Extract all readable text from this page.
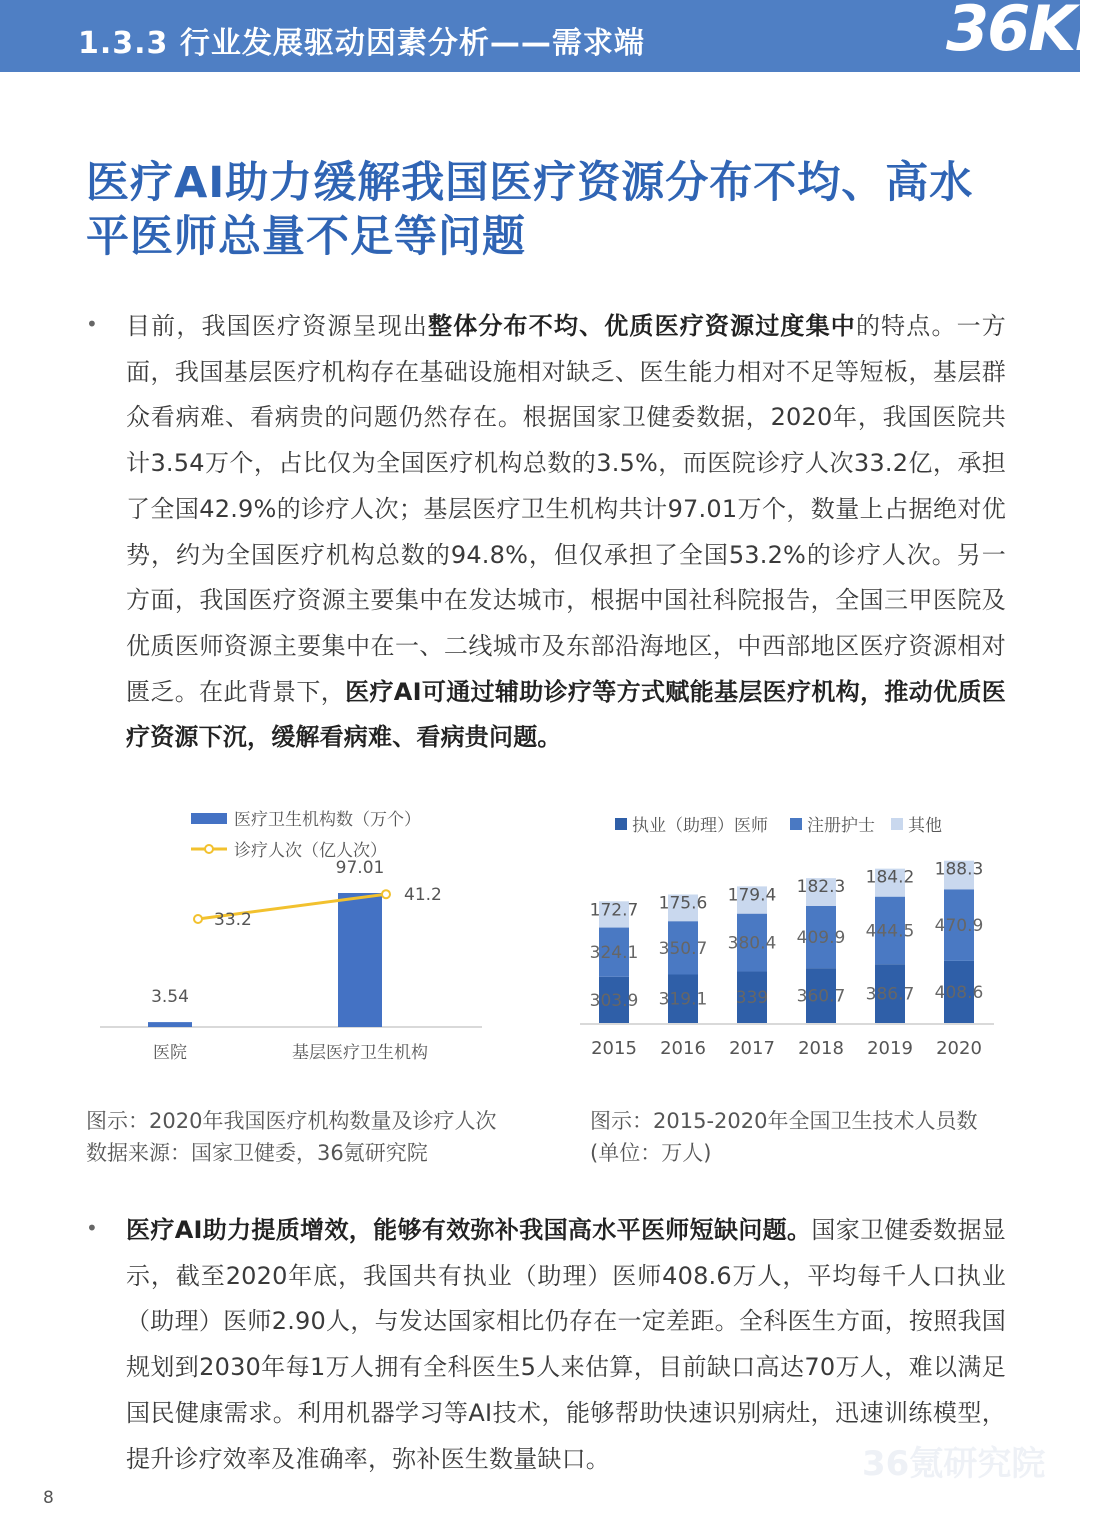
1.3.3 行业发展驱动因素分析——需求端	36Kr
医疗AI助力缓解我国医疗资源分布不均、高水
平医师总量不足等问题
• 目前，我国医疗资源呈现出整体分布不均、优质医疗资源过度集中的特点。一方面，我国基层医疗机构存在基础设施相对缺乏、医生能力相对不足等短板，基层群众看病难、看病贵的问题仍然存在。根据国家卫健委数据，2020年，我国医院共计3.54万个，占比仅为全国医疗机构总数的3.5%，而医院诊疗人次33.2亿，承担了全国42.9%的诊疗人次；基层医疗卫生机构共计97.01万个，数量上占据绝对优势，约为全国医疗机构总数的94.8%，但仅承担了全国53.2%的诊疗人次。另一方面，我国医疗资源主要集中在发达城市，根据中国社科院报告，全国三甲医院及优质医师资源主要集中在一、二线城市及东部沿海地区，中西部地区医疗资源相对匮乏。在此背景下，医疗AI可通过辅助诊疗等方式赋能基层医疗机构，推动优质医疗资源下沉，缓解看病难、看病贵问题。
医疗卫生机构数（万个）
诊疗人次（亿人次）
3.54
医院
97.01
基层医疗卫生机构
33.2
41.2
执业（助理）医师 注册护士 其他
303.9
324.1
172.7
2015
319.1
350.7
175.6
2016
339
380.4
179.4
2017
360.7
409.9
182.3
2018
386.7
444.5
184.2
2019
408.6
470.9
188.3
2020
图示：2020年我国医疗机构数量及诊疗人次
数据来源：国家卫健委，36氪研究院
图示：2015-2020年全国卫生技术人员数
(单位：万人)
• 医疗AI助力提质增效，能够有效弥补我国高水平医师短缺问题。国家卫健委数据显示，截至2020年底，我国共有执业（助理）医师408.6万人，平均每千人口执业（助理）医师2.90人，与发达国家相比仍存在一定差距。全科医生方面，按照我国规划到2030年每1万人拥有全科医生5人来估算，目前缺口高达70万人，难以满足国民健康需求。利用机器学习等AI技术，能够帮助快速识别病灶，迅速训练模型，提升诊疗效率及准确率，弥补医生数量缺口。	36氪研究院
8
